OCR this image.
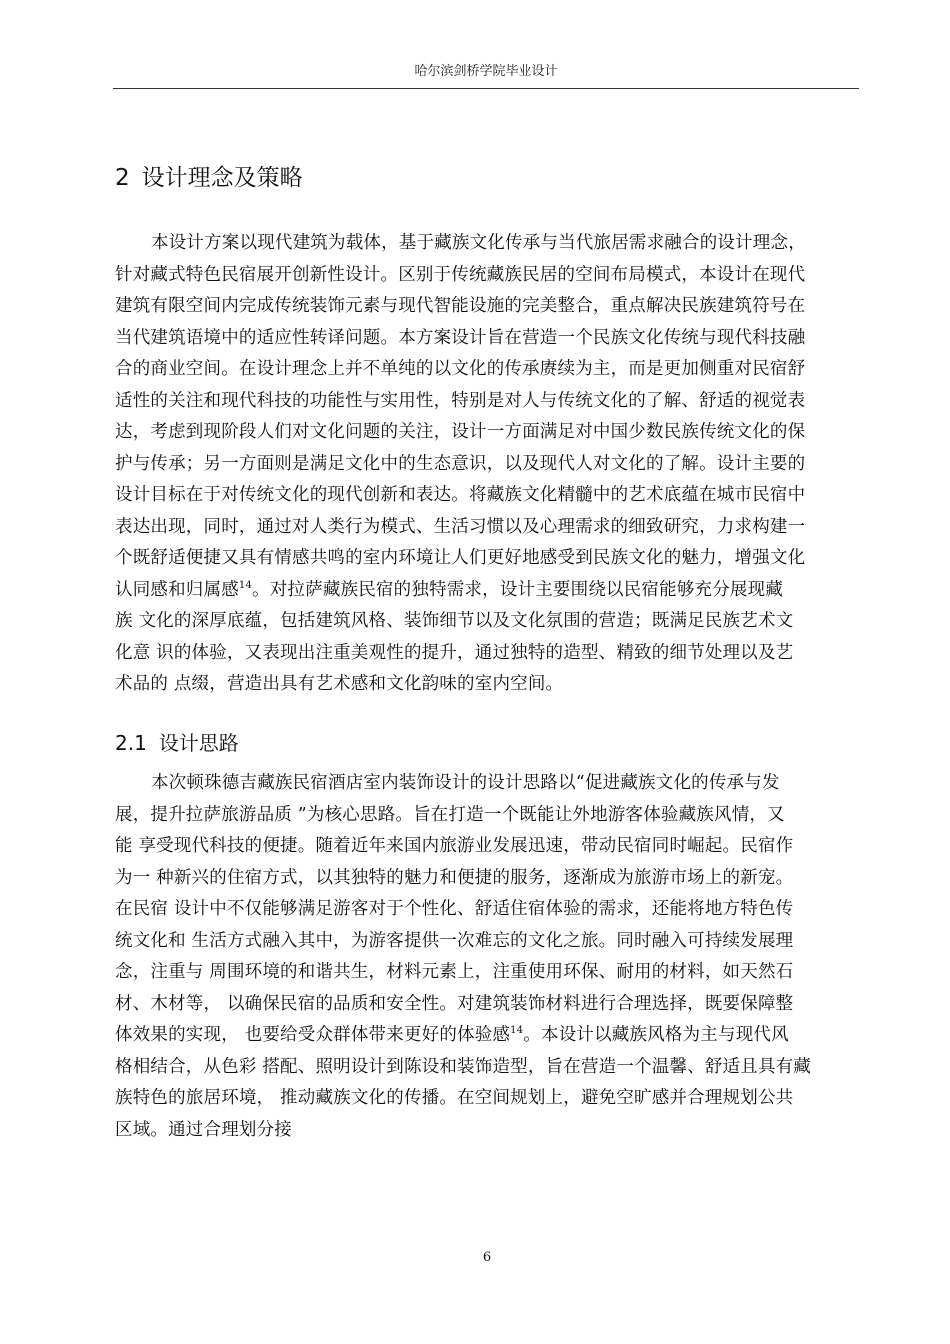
哈尔滨剑桥学院毕业设计
2 设计理念及策略
本设计方案以现代建筑为载体，基于藏族文化传承与当代旅居需求融合的设计理念，
针对藏式特色民宿展开创新性设计。区别于传统藏族民居的空间布局模式，本设计在现代
建筑有限空间内完成传统装饰元素与现代智能设施的完美整合，重点解决民族建筑符号在
当代建筑语境中的适应性转译问题。本方案设计旨在营造一个民族文化传统与现代科技融
合的商业空间。在设计理念上并不单纯的以文化的传承赓续为主，而是更加侧重对民宿舒
适性的关注和现代科技的功能性与实用性，特别是对人与传统文化的了解、舒适的视觉表
达，考虑到现阶段人们对文化问题的关注，设计一方面满足对中国少数民族传统文化的保
护与传承；另一方面则是满足文化中的生态意识，以及现代人对文化的了解。设计主要的
设计目标在于对传统文化的现代创新和表达。将藏族文化精髓中的艺术底蕴在城市民宿中
表达出现，同时，通过对人类行为模式、生活习惯以及心理需求的细致研究，力求构建一
个既舒适便捷又具有情感共鸣的室内环境让人们更好地感受到民族文化的魅力，增强文化
认同感和归属感$^{14}$。对拉萨藏族民宿的独特需求，设计主要围绕以民宿能够充分展现藏
族 文化的深厚底蕴，包括建筑风格、装饰细节以及文化氛围的营造；既满足民族艺术文
化意 识的体验，又表现出注重美观性的提升，通过独特的造型、精致的细节处理以及艺
术品的 点缀，营造出具有艺术感和文化韵味的室内空间。
2.1 设计思路
本次顿珠德吉藏族民宿酒店室内装饰设计的设计思路以“促进藏族文化的传承与发
展，提升拉萨旅游品质 ”为核心思路。旨在打造一个既能让外地游客体验藏族风情，又
能 享受现代科技的便捷。随着近年来国内旅游业发展迅速，带动民宿同时崛起。民宿作
为一 种新兴的住宿方式，以其独特的魅力和便捷的服务，逐渐成为旅游市场上的新宠。
在民宿 设计中不仅能够满足游客对于个性化、舒适住宿体验的需求，还能将地方特色传
统文化和 生活方式融入其中，为游客提供一次难忘的文化之旅。同时融入可持续发展理
念，注重与 周围环境的和谐共生，材料元素上，注重使用环保、耐用的材料，如天然石
材、木材等， 以确保民宿的品质和安全性。对建筑装饰材料进行合理选择，既要保障整
体效果的实现， 也要给受众群体带来更好的体验感$^{14}$。本设计以藏族风格为主与现代风
格相结合，从色彩 搭配、照明设计到陈设和装饰造型，旨在营造一个温馨、舒适且具有藏
族特色的旅居环境， 推动藏族文化的传播。在空间规划上，避免空旷感并合理规划公共
区域。通过合理划分接
6
